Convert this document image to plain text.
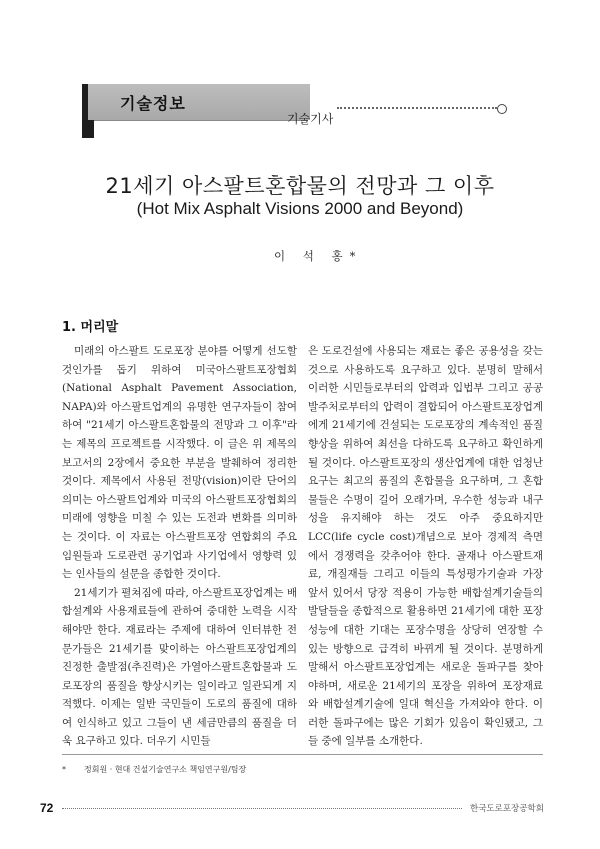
기술정보
기술기사
21세기 아스팔트혼합물의 전망과 그 이후
(Hot Mix Asphalt Visions 2000 and Beyond)
이 석 홍*
1. 머리말

미래의 아스팔트 도로포장 분야를 어떻게 선도할 것인가를 돕기 위하여 미국아스팔트포장협회(National Asphalt Pavement Association, NAPA)와 아스팔트업계의 유명한 연구자들이 참여하여 "21세기 아스팔트혼합물의 전망과 그 이후"라는 제목의 프로젝트를 시작했다. 이 글은 위 제목의 보고서의 2장에서 중요한 부분을 발췌하여 정리한 것이다. 제목에서 사용된 전망(vision)이란 단어의 의미는 아스팔트업계와 미국의 아스팔트포장협회의 미래에 영향을 미칠 수 있는 도전과 변화를 의미하는 것이다. 이 자료는 아스팔트포장 연합회의 주요임원들과 도로관련 공기업과 사기업에서 영향력 있는 인사들의 설문을 종합한 것이다.

21세기가 펼쳐짐에 따라, 아스팔트포장업계는 배합설계와 사용재료들에 관하여 중대한 노력을 시작해야만 한다. 재료라는 주제에 대하여 인터뷰한 전문가들은 21세기를 맞이하는 아스팔트포장업계의 진정한 출발점(추진력)은 가열아스팔트혼합물과 도로포장의 품질을 향상시키는 일이라고 일관되게 지적했다. 이제는 일반 국민들이 도로의 품질에 대하여 인식하고 있고 그들이 낸 세금만큼의 품질을 더욱 요구하고 있다. 더우기 시민들

은 도로건설에 사용되는 재료는 좋은 공용성을 갖는 것으로 사용하도록 요구하고 있다. 분명히 말해서 이러한 시민들로부터의 압력과 입법부 그리고 공공발주처로부터의 압력이 결합되어 아스팔트포장업계에게 21세기에 건설되는 도로포장의 계속적인 품질향상을 위하여 최선을 다하도록 요구하고 확인하게 될 것이다. 아스팔트포장의 생산업계에 대한 엄청난 요구는 최고의 품질의 혼합물을 요구하며, 그 혼합물들은 수명이 길어 오래가며, 우수한 성능과 내구성을 유지해야 하는 것도 아주 중요하지만 LCC(life cycle cost)개념으로 보아 경제적 측면에서 경쟁력을 갖추어야 한다. 골재나 아스팔트재료, 개질재들 그리고 이들의 특성평가기술과 가장 앞서 있어서 당장 적용이 가능한 배합설계기술들의 발달들을 종합적으로 활용하면 21세기에 대한 포장성능에 대한 기대는 포장수명을 상당히 연장할 수 있는 방향으로 급격히 바뀌게 될 것이다. 분명하게 말해서 아스팔트포장업계는 새로운 돌파구를 찾아야하며, 새로운 21세기의 포장을 위하여 포장재료와 배합설계기술에 일대 혁신을 가져와야 한다. 이러한 돌파구에는 많은 기회가 있음이 확인됐고, 그들 중에 일부를 소개한다.

* 정회원 · 현대 건설기술연구소 책임연구원/팀장
72	한국도로포장공학회
